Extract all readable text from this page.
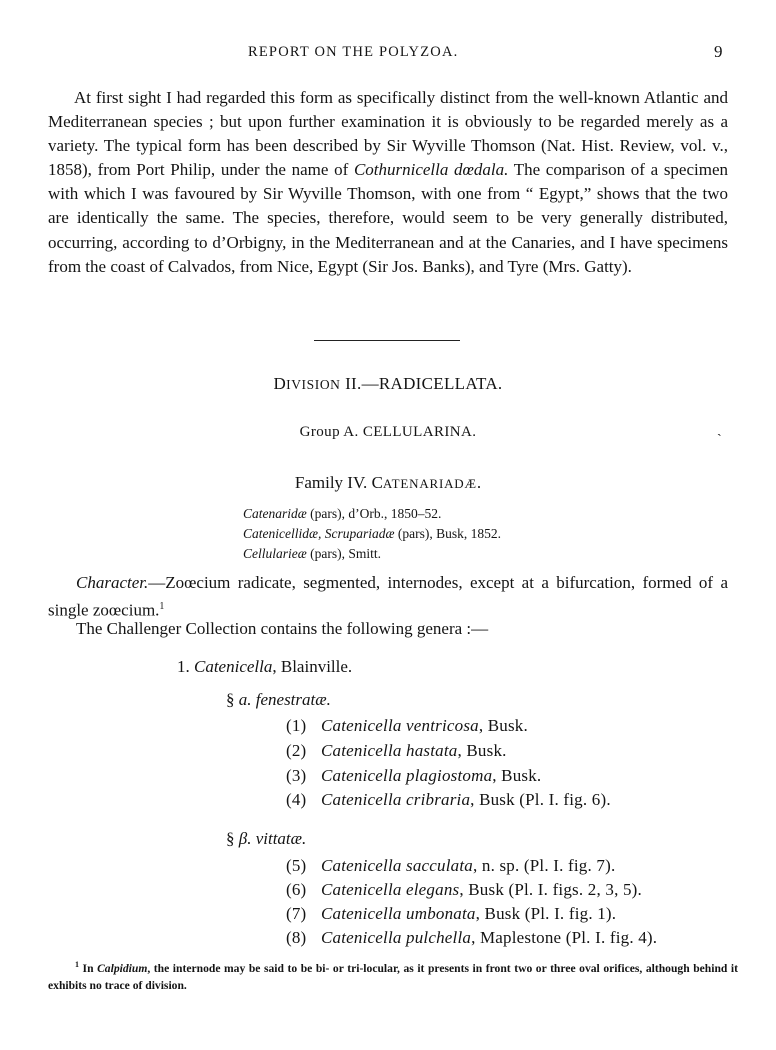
REPORT ON THE POLYZOA.	9

At first sight I had regarded this form as specifically distinct from the well-known Atlantic and Mediterranean species ; but upon further examination it is obviously to be regarded merely as a variety. The typical form has been described by Sir Wyville Thomson (Nat. Hist. Review, vol. v., 1858), from Port Philip, under the name of Cothurnicella dœdala. The comparison of a specimen with which I was favoured by Sir Wyville Thomson, with one from “ Egypt,” shows that the two are identically the same. The species, therefore, would seem to be very generally distributed, occurring, according to d’Orbigny, in the Mediterranean and at the Canaries, and I have specimens from the coast of Calvados, from Nice, Egypt (Sir Jos. Banks), and Tyre (Mrs. Gatty).

DIVISION II.—RADICELLATA.
Group A. CELLULARINA.	ˎ
Family IV. CATENARIADÆ.
Catenaridæ (pars), d’Orb., 1850–52.
Catenicellidæ, Scrupariadæ (pars), Busk, 1852.
Cellularieæ (pars), Smitt.

Character.—Zoœcium radicate, segmented, internodes, except at a bifurcation, formed of a single zoœcium.$^1$

The Challenger Collection contains the following genera :—
1. Catenicella, Blainville.
§ a. fenestratæ.
(1) Catenicella ventricosa, Busk.
(2) Catenicella hastata, Busk.
(3) Catenicella plagiostoma, Busk.
(4) Catenicella cribraria, Busk (Pl. I. fig. 6).
§ β. vittatæ.
(5) Catenicella sacculata, n. sp. (Pl. I. fig. 7).
(6) Catenicella elegans, Busk (Pl. I. figs. 2, 3, 5).
(7) Catenicella umbonata, Busk (Pl. I. fig. 1).
(8) Catenicella pulchella, Maplestone (Pl. I. fig. 4).

$^1$ In Calpidium, the internode may be said to be bi- or tri-locular, as it presents in front two or three oval orifices, although behind it exhibits no trace of division.
